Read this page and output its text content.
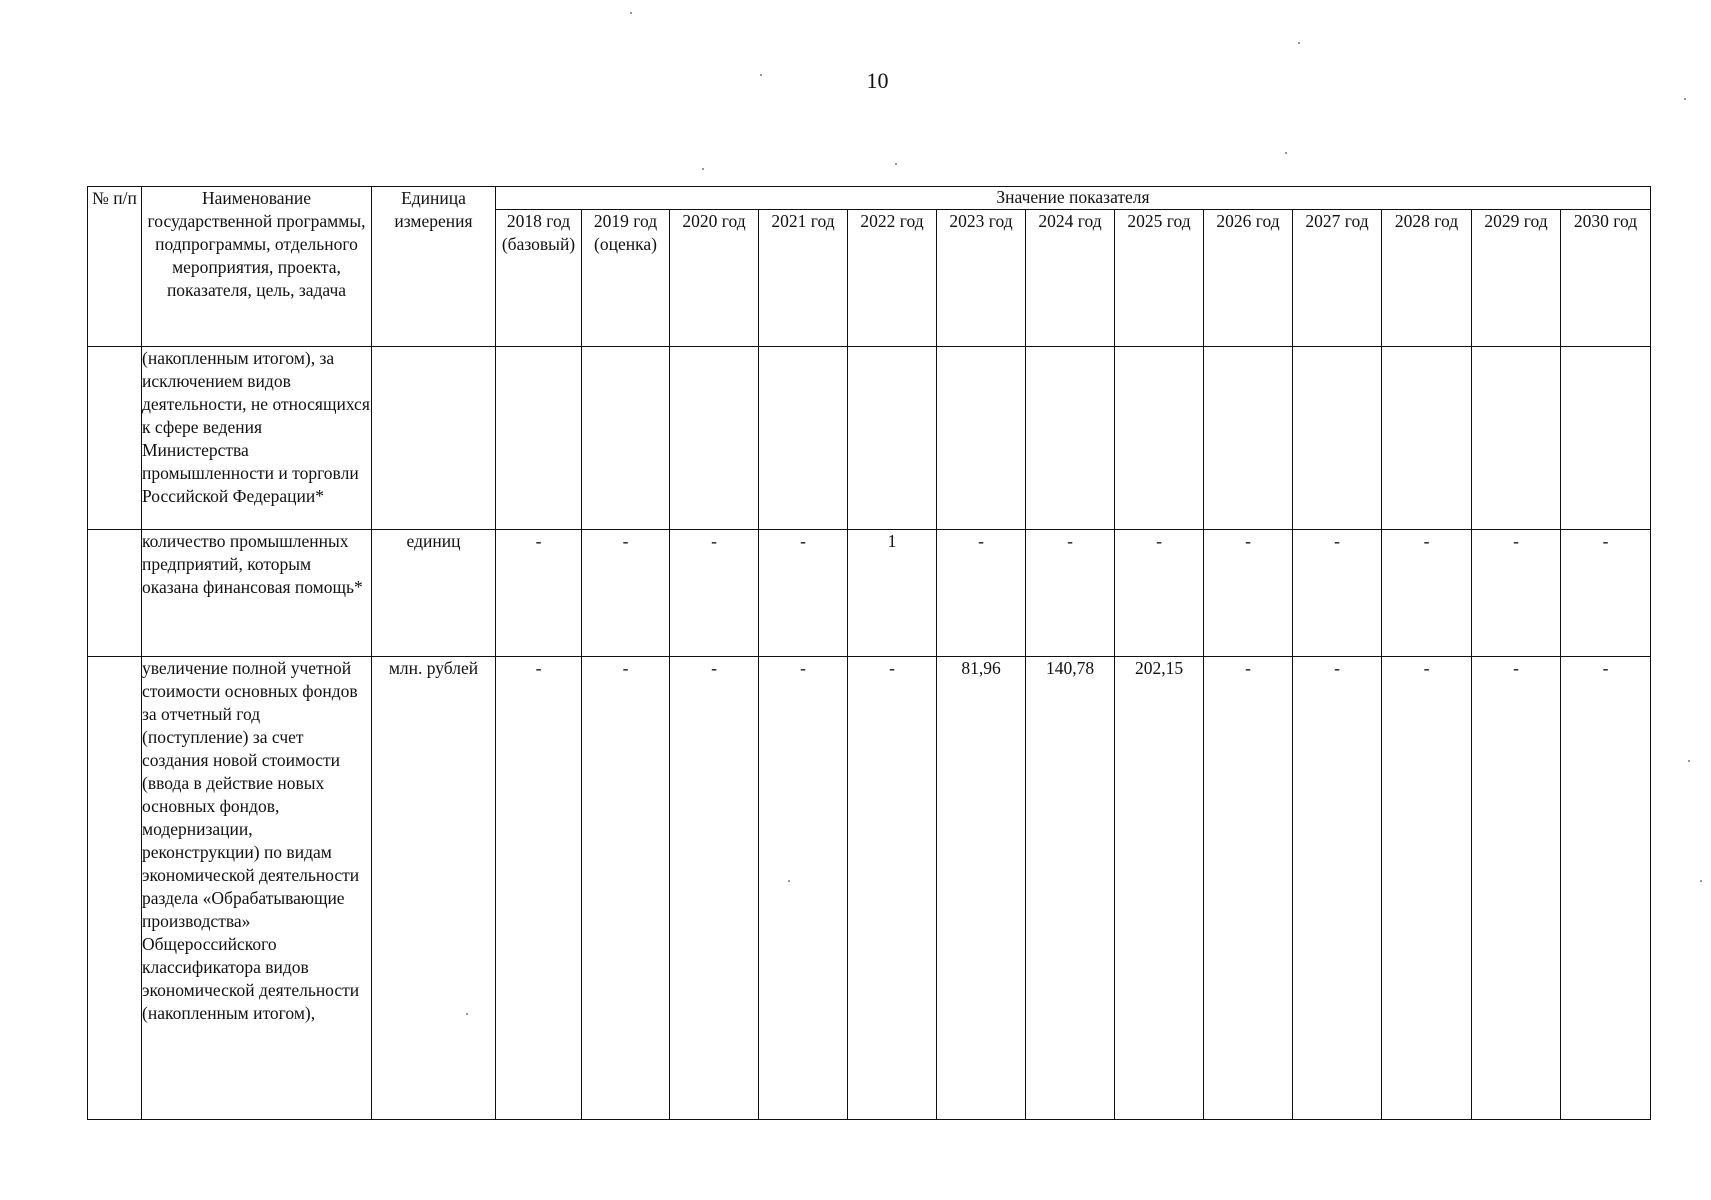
10
№ п/п	Наименование государственной программы, подпрограммы, отдельного мероприятия, проекта, показателя, цель, задача	Единица измерения	Значение показателя												
			2018 год (базовый)	2019 год (оценка)	2020 год	2021 год	2022 год	2023 год	2024 год	2025 год	2026 год	2027 год	2028 год	2029 год	2030 год
	(накопленным итогом), за исключением видов деятельности, не относящихся к сфере ведения Министерства промышленности и торговли Российской Федерации*														
	количество промышленных предприятий, которым оказана финансовая помощь*	единиц	-	-	-	-	1	-	-	-	-	-	-	-	-
	увеличение полной учетной стоимости основных фондов за отчетный год (поступление) за счет создания новой стоимости (ввода в действие новых основных фондов, модернизации, реконструкции) по видам экономической деятельности раздела «Обрабатывающие производства» Общероссийского классификатора видов экономической деятельности (накопленным итогом),	млн. рублей	-	-	-	-	-	81,96	140,78	202,15	-	-	-	-	-
